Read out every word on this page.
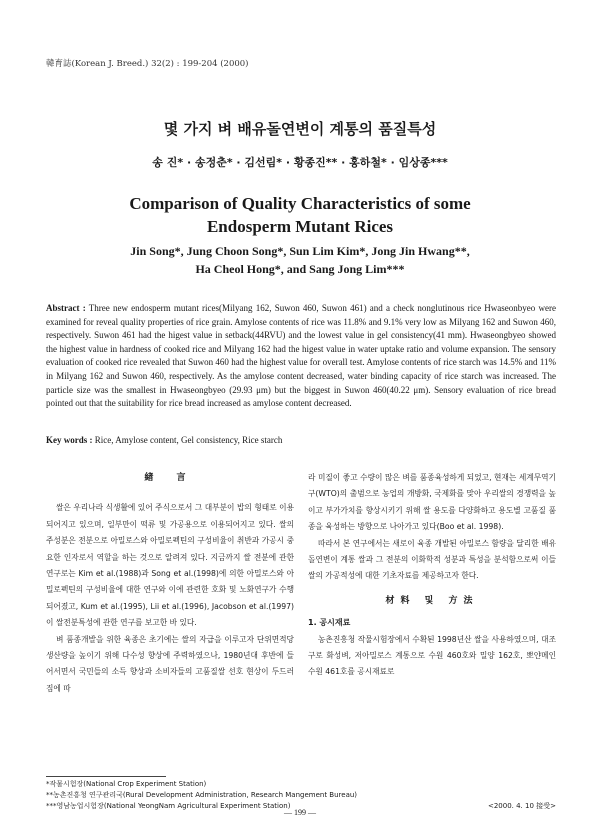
韓育誌(Korean J. Breed.) 32(2) : 199-204 (2000)
몇 가지 벼 배유돌연변이 계통의 품질특성
송 진* · 송정춘* · 김선림* · 황종진** · 홍하철* · 임상종***
Comparison of Quality Characteristics of some
Endosperm Mutant Rices
Jin Song*, Jung Choon Song*, Sun Lim Kim*, Jong Jin Hwang**,
Ha Cheol Hong*, and Sang Jong Lim***
Abstract : Three new endosperm mutant rices(Milyang 162, Suwon 460, Suwon 461) and a check nonglutinous rice Hwaseonbyeo were examined for reveal quality properties of rice grain. Amylose contents of rice was 11.8% and 9.1% very low as Milyang 162 and Suwon 460, respectively. Suwon 461 had the higest value in setback(44RVU) and the lowest value in gel consistency(41 mm). Hwaseongbyeo showed the highest value in hardness of cooked rice and Milyang 162 had the higest value in water uptake ratio and volume expansion. The sensory evaluation of cooked rice revealed that Suwon 460 had the highest value for overall test. Amylose contents of rice starch was 14.5% and 11% in Milyang 162 and Suwon 460, respectively. As the amylose content decreased, water binding capacity of rice starch was increased. The particle size was the smallest in Hwaseongbyeo (29.93 μm) but the biggest in Suwon 460(40.22 μm). Sensory evaluation of rice bread pointed out that the suitability for rice bread increased as amylose content decreased.
Key words : Rice, Amylose content, Gel consistency, Rice starch
緖 言

쌀은 우리나라 식생활에 있어 주식으로서 그 대부분이 밥의 형태로 이용되어지고 있으며, 일부만이 떡류 및 가공용으로 이용되어지고 있다. 쌀의 주성분은 전분으로 아밀로스와 아밀로펙틴의 구성비율이 취반과 가공시 중요한 인자로서 역할을 하는 것으로 알려져 있다. 지금까지 쌀 전분에 관한 연구로는 Kim et al.(1988)과 Song et al.(1998)에 의한 아밀로스와 아밀로펙틴의 구성비율에 대한 연구와 이에 관련한 호화 및 노화연구가 수행되어졌고, Kum et al.(1995), Lii et al.(1996), Jacobson et al.(1997) 이 쌀전분특성에 관한 연구를 보고한 바 있다.

벼 품종개발을 위한 육종은 초기에는 쌀의 자급을 이루고자 단위면적당 생산량을 높이기 위해 다수성 향상에 주력하였으나, 1980년대 후반에 들어서면서 국민들의 소득 향상과 소비자들의 고품질쌀 선호 현상이 두드러짐에 따

라 미질이 좋고 수량이 많은 벼를 품종육성하게 되었고, 현재는 세계무역기구(WTO)의 출범으로 농업의 개방화, 국제화를 맞아 우리쌀의 경쟁력을 높이고 부가가치를 향상시키기 위해 쌀 용도를 다양화하고 용도별 고품질 품종을 육성하는 방향으로 나아가고 있다(Boo et al. 1998).

따라서 본 연구에서는 새로이 육종 개발된 아밀로스 함량을 달리한 배유돌연변이 계통 쌀과 그 전분의 이화학적 성분과 특성을 분석함으로써 이들 쌀의 가공적성에 대한 기초자료를 제공하고자 한다.

材料 및 方法
1. 공시재료

농촌진흥청 작물시험장에서 수확된 1998년산 쌀을 사용하였으며, 대조구로 화성벼, 저아밀로스 계통으로 수원 460호와 밀양 162호, 뽀얀메인 수원 461호를 공시재료로

*작물시험장(National Crop Experiment Station)
**농촌진흥청 연구관리국(Rural Development Administration, Research Mangement Bureau)
***영남농업시험장(National YeongNam Agricultural Experiment Station)	<2000. 4. 10 接受>
— 199 —
